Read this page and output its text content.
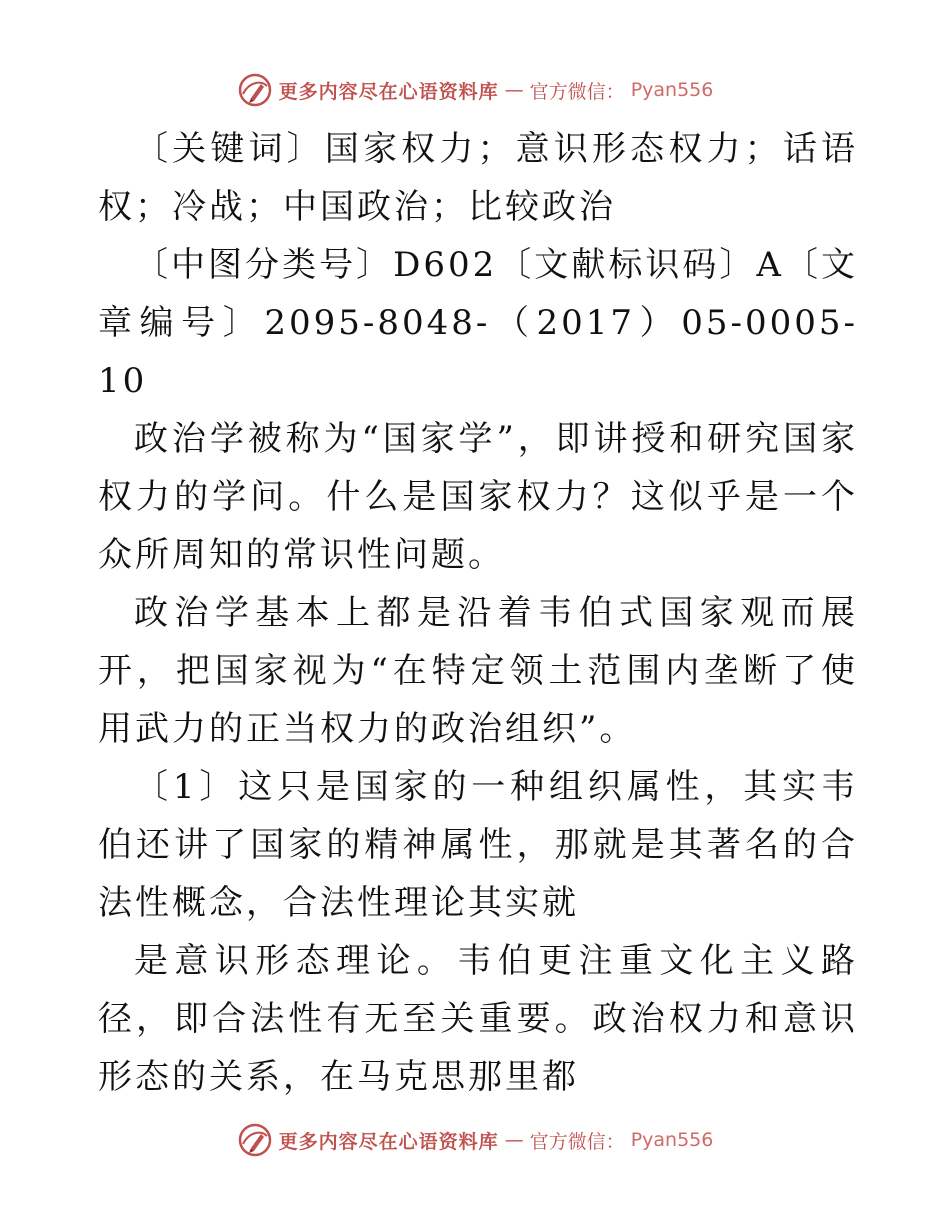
更多内容尽在心语资料库 — 官方微信： Pyan556

〔关键词〕国家权力；意识形态权力；话语权；冷战；中国政治；比较政治

〔中图分类号〕D602〔文献标识码〕A〔文章编号〕2095-8048-（2017）05-0005-10

政治学被称为“国家学”，即讲授和研究国家权力的学问。什么是国家权力？这似乎是一个众所周知的常识性问题。

政治学基本上都是沿着韦伯式国家观而展开，把国家视为“在特定领土范围内垄断了使用武力的正当权力的政治组织”。

〔1〕这只是国家的一种组织属性，其实韦伯还讲了国家的精神属性，那就是其著名的合法性概念，合法性理论其实就

是意识形态理论。韦伯更注重文化主义路径，即合法性有无至关重要。政治权力和意识形态的关系，在马克思那里都

更多内容尽在心语资料库 — 官方微信： Pyan556
